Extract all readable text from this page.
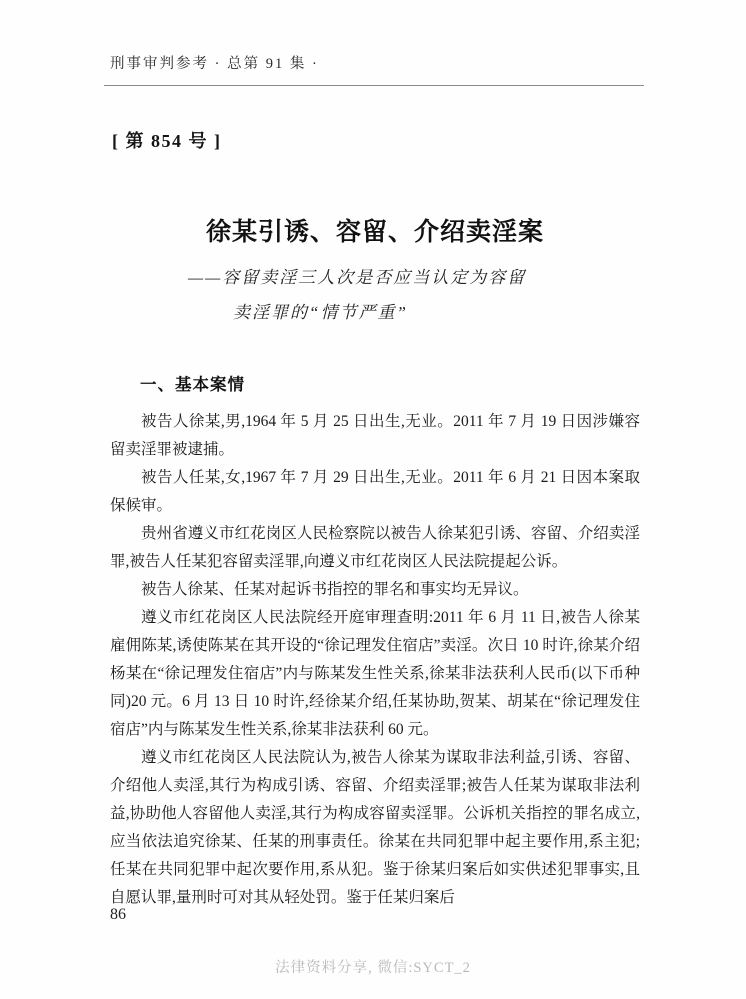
刑事审判参考 · 总第 91 集 ·
[ 第 854 号 ]
徐某引诱、容留、介绍卖淫案
——容留卖淫三人次是否应当认定为容留
卖淫罪的“情节严重”
一、基本案情

被告人徐某,男,1964 年 5 月 25 日出生,无业。2011 年 7 月 19 日因涉嫌容留卖淫罪被逮捕。

被告人任某,女,1967 年 7 月 29 日出生,无业。2011 年 6 月 21 日因本案取保候审。

贵州省遵义市红花岗区人民检察院以被告人徐某犯引诱、容留、介绍卖淫罪,被告人任某犯容留卖淫罪,向遵义市红花岗区人民法院提起公诉。

被告人徐某、任某对起诉书指控的罪名和事实均无异议。

遵义市红花岗区人民法院经开庭审理查明:2011 年 6 月 11 日,被告人徐某雇佣陈某,诱使陈某在其开设的“徐记理发住宿店”卖淫。次日 10 时许,徐某介绍杨某在“徐记理发住宿店”内与陈某发生性关系,徐某非法获利人民币(以下币种同)20 元。6 月 13 日 10 时许,经徐某介绍,任某协助,贺某、胡某在“徐记理发住宿店”内与陈某发生性关系,徐某非法获利 60 元。

遵义市红花岗区人民法院认为,被告人徐某为谋取非法利益,引诱、容留、介绍他人卖淫,其行为构成引诱、容留、介绍卖淫罪;被告人任某为谋取非法利益,协助他人容留他人卖淫,其行为构成容留卖淫罪。公诉机关指控的罪名成立,应当依法追究徐某、任某的刑事责任。徐某在共同犯罪中起主要作用,系主犯;任某在共同犯罪中起次要作用,系从犯。鉴于徐某归案后如实供述犯罪事实,且自愿认罪,量刑时可对其从轻处罚。鉴于任某归案后

86
法律资料分享, 微信:SYCT_2
